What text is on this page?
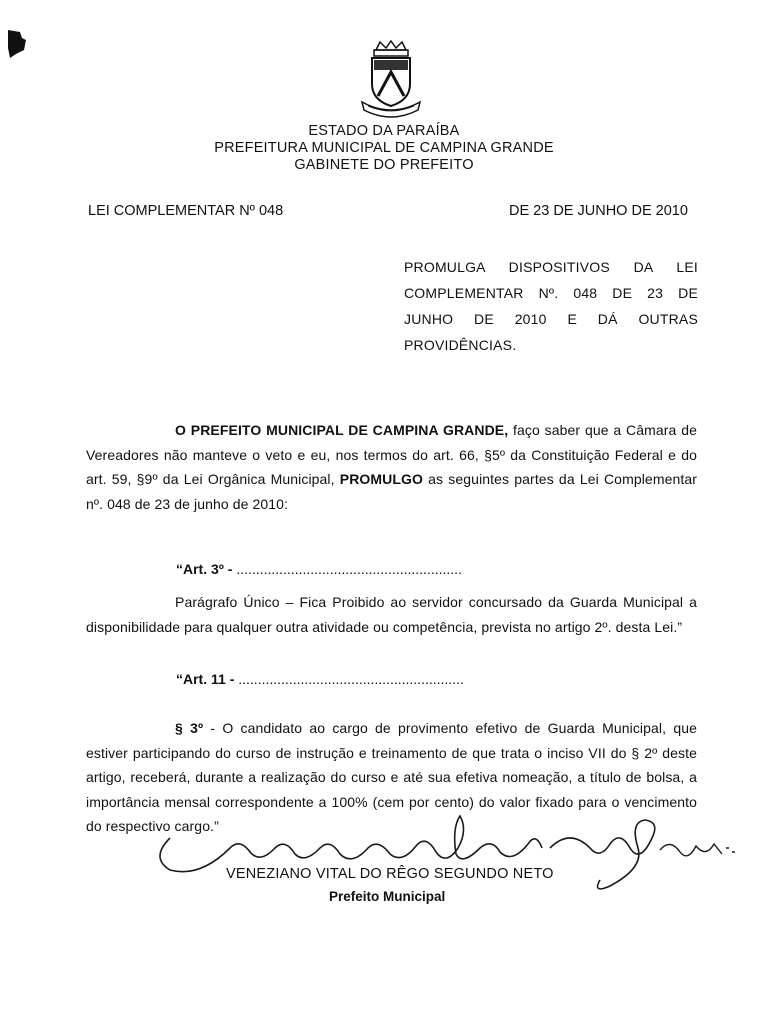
ESTADO DA PARAÍBA
PREFEITURA MUNICIPAL DE CAMPINA GRANDE
GABINETE DO PREFEITO
LEI COMPLEMENTAR Nº 048	DE 23 DE JUNHO DE 2010
PROMULGA DISPOSITIVOS DA LEI
COMPLEMENTAR Nº. 048 DE 23 DE
JUNHO DE 2010 E DÁ OUTRAS
PROVIDÊNCIAS.
O PREFEITO MUNICIPAL DE CAMPINA GRANDE, faço saber que a Câmara de Vereadores não manteve o veto e eu, nos termos do art. 66, §5º da Constituição Federal e do art. 59, §9º da Lei Orgânica Municipal, PROMULGO as seguintes partes da Lei Complementar nº. 048 de 23 de junho de 2010:
“Art. 3º - ..........................................................
Parágrafo Único – Fica Proibido ao servidor concursado da Guarda Municipal a disponibilidade para qualquer outra atividade ou competência, prevista no artigo 2º. desta Lei.”
“Art. 11 - ..........................................................
§ 3º - O candidato ao cargo de provimento efetivo de Guarda Municipal, que estiver participando do curso de instrução e treinamento de que trata o inciso VII do § 2º deste artigo, receberá, durante a realização do curso e até sua efetiva nomeação, a título de bolsa, a importância mensal correspondente a 100% (cem por cento) do valor fixado para o vencimento do respectivo cargo.”
VENEZIANO VITAL DO RÊGO SEGUNDO NETO
Prefeito Municipal
